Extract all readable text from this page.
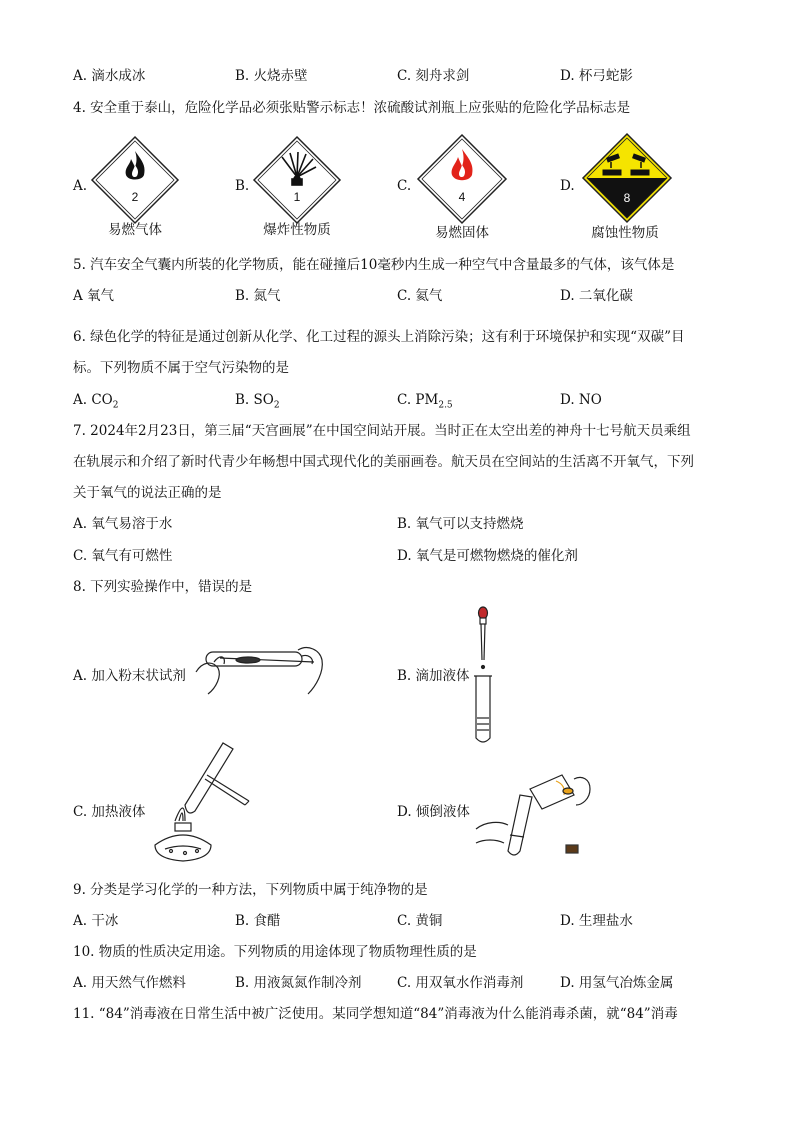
A. 滴水成冰	B. 火烧赤壁	C. 刻舟求剑	D. 杯弓蛇影
4. 安全重于泰山，危险化学品必须张贴警示标志！浓硫酸试剂瓶上应张贴的危险化学品标志是
A.	B.	C.	D.
2
易燃气体
1
爆炸性物质
4
易燃固体
8
腐蚀性物质
5. 汽车安全气囊内所装的化学物质，能在碰撞后10毫秒内生成一种空气中含量最多的气体，该气体是
A 氧气	B. 氮气	C. 氦气	D. 二氧化碳
6. 绿色化学的特征是通过创新从化学、化工过程的源头上消除污染；这有利于环境保护和实现“双碳”目
标。下列物质不属于空气污染物的是
A. $CO_2$	B. $SO_2$	C. $PM_{2.5}$	D. NO
7. 2024年2月23日，第三届“天宫画展”在中国空间站开展。当时正在太空出差的神舟十七号航天员乘组
在轨展示和介绍了新时代青少年畅想中国式现代化的美丽画卷。航天员在空间站的生活离不开氧气，下列
关于氧气的说法正确的是
A. 氧气易溶于水	B. 氧气可以支持燃烧
C. 氧气有可燃性	D. 氧气是可燃物燃烧的催化剂
8. 下列实验操作中，错误的是
A. 加入粉末状试剂	B. 滴加液体
C. 加热液体	D. 倾倒液体
9. 分类是学习化学的一种方法，下列物质中属于纯净物的是
A. 干冰	B. 食醋	C. 黄铜	D. 生理盐水
10. 物质的性质决定用途。下列物质的用途体现了物质物理性质的是
A. 用天然气作燃料	B. 用液氮氮作制冷剂	C. 用双氧水作消毒剂	D. 用氢气冶炼金属
11. “84”消毒液在日常生活中被广泛使用。某同学想知道“84”消毒液为什么能消毒杀菌，就“84”消毒
